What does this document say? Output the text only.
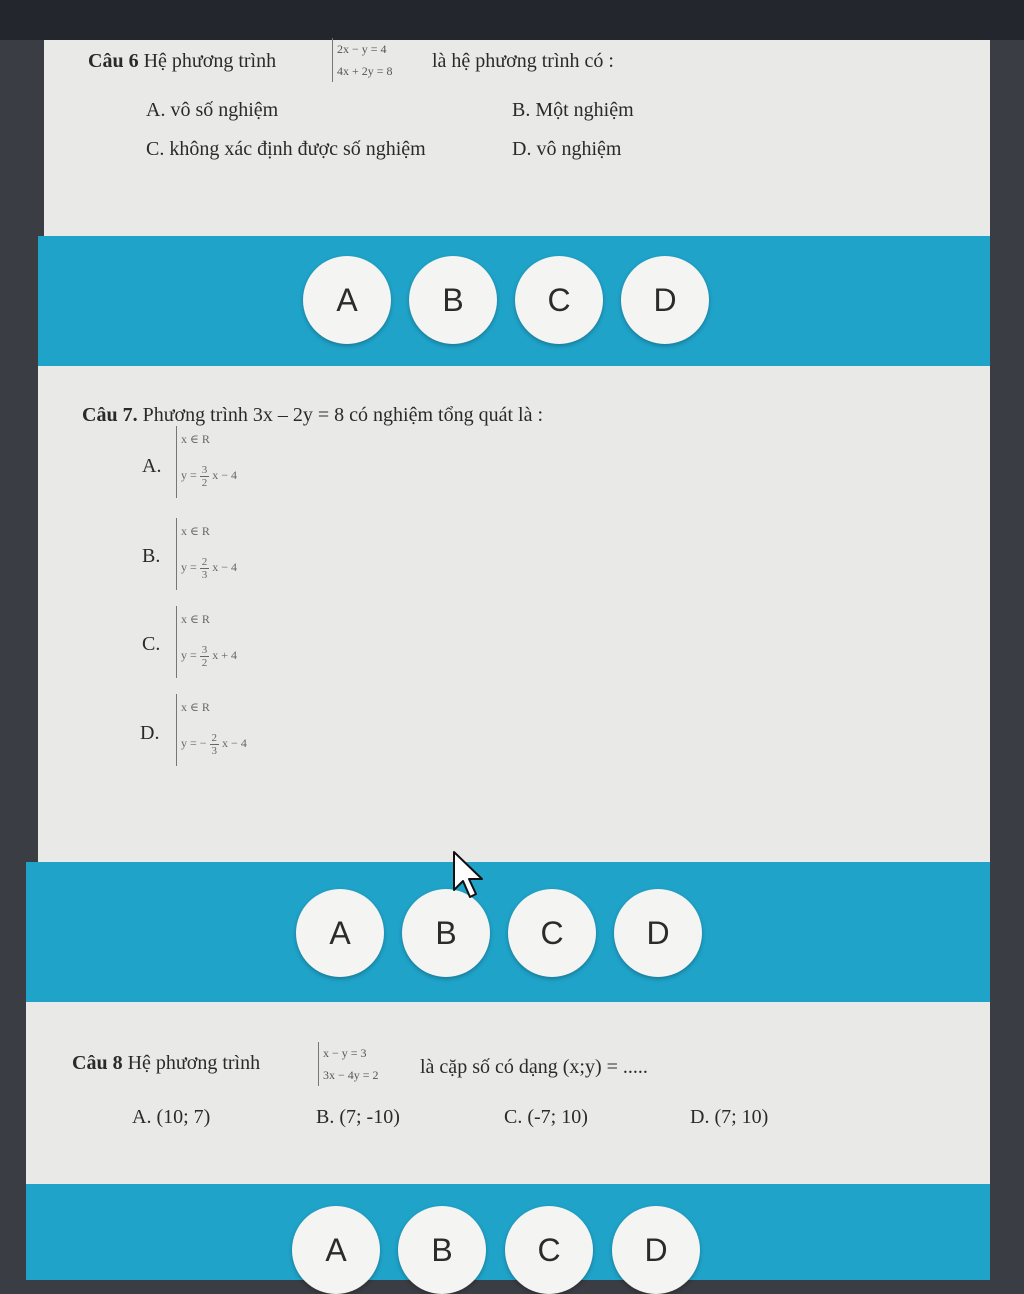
Câu 6 Hệ phương trình
2x − y = 4
4x + 2y = 8 là hệ phương trình có :
A. vô số nghiệm	B. Một nghiệm
C. không xác định được số nghiệm	D. vô nghiệm
A	B	C	D
Câu 7. Phương trình 3x – 2y = 8 có nghiệm tổng quát là :
A.
x ∈ R
$y = \frac{3}{2}$ x − 4
B.
x ∈ R
$y = \frac{2}{3}$ x − 4
C.
x ∈ R
$y = \frac{3}{2}$ x + 4
D.
x ∈ R
y = − $\frac{2}{3}$ x − 4
A	B	C	D
Câu 8 Hệ phương trình	x − y = 3
3x − 4y = 2 là cặp số có dạng (x;y) = .....
A. (10; 7)	B. (7; -10)	C. (-7; 10)	D. (7; 10)
A	B	C	D
